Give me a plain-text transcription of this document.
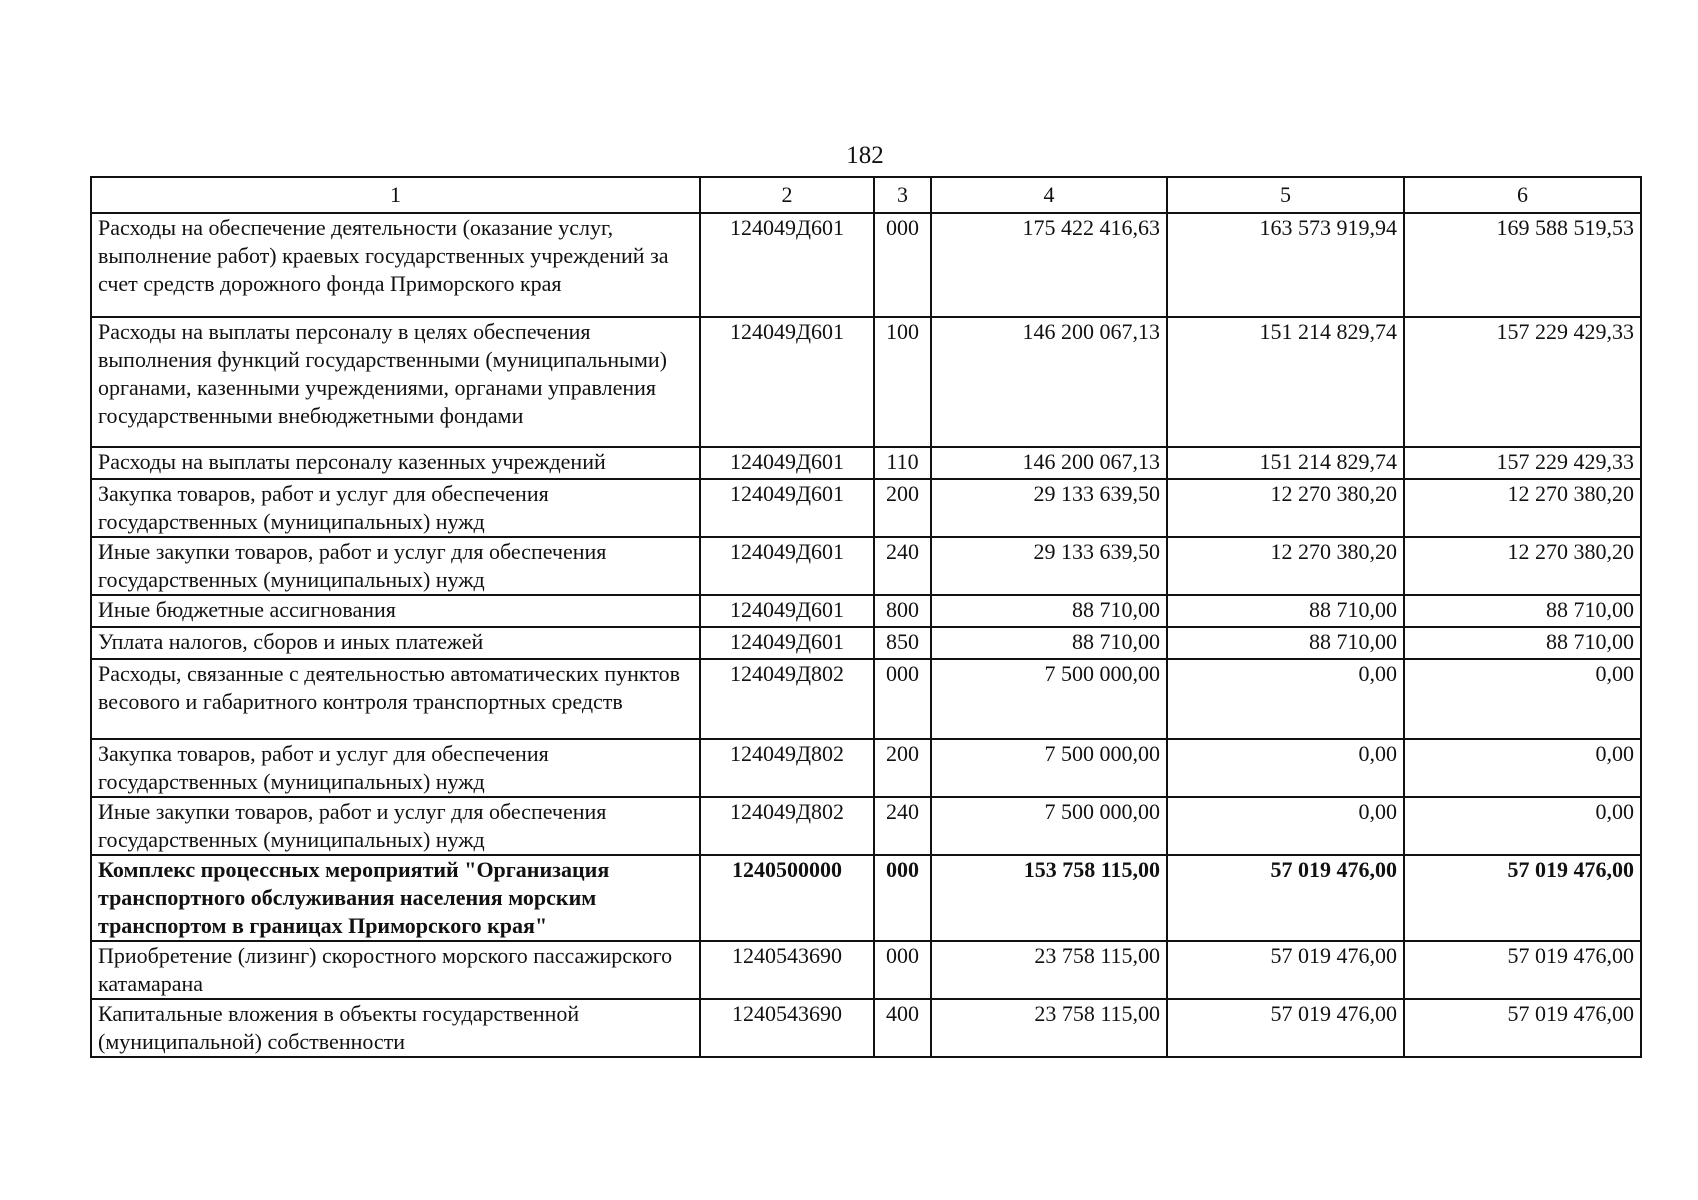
182
1	2	3	4	5	6
Расходы на обеспечение деятельности (оказание услуг, выполнение работ) краевых государственных учреждений за счет средств дорожного фонда Приморского края	124049Д601	000	175 422 416,63	163 573 919,94	169 588 519,53
Расходы на выплаты персоналу в целях обеспечения выполнения функций государственными (муниципальными) органами, казенными учреждениями, органами управления государственными внебюджетными фондами	124049Д601	100	146 200 067,13	151 214 829,74	157 229 429,33
Расходы на выплаты персоналу казенных учреждений	124049Д601	110	146 200 067,13	151 214 829,74	157 229 429,33
Закупка товаров, работ и услуг для обеспечения государственных (муниципальных) нужд	124049Д601	200	29 133 639,50	12 270 380,20	12 270 380,20
Иные закупки товаров, работ и услуг для обеспечения государственных (муниципальных) нужд	124049Д601	240	29 133 639,50	12 270 380,20	12 270 380,20
Иные бюджетные ассигнования	124049Д601	800	88 710,00	88 710,00	88 710,00
Уплата налогов, сборов и иных платежей	124049Д601	850	88 710,00	88 710,00	88 710,00
Расходы, связанные с деятельностью автоматических пунктов весового и габаритного контроля транспортных средств	124049Д802	000	7 500 000,00	0,00	0,00
Закупка товаров, работ и услуг для обеспечения государственных (муниципальных) нужд	124049Д802	200	7 500 000,00	0,00	0,00
Иные закупки товаров, работ и услуг для обеспечения государственных (муниципальных) нужд	124049Д802	240	7 500 000,00	0,00	0,00
Комплекс процессных мероприятий "Организация транспортного обслуживания населения морским транспортом в границах Приморского края"	1240500000	000	153 758 115,00	57 019 476,00	57 019 476,00
Приобретение (лизинг) скоростного морского пассажирского катамарана	1240543690	000	23 758 115,00	57 019 476,00	57 019 476,00
Капитальные вложения в объекты государственной (муниципальной) собственности	1240543690	400	23 758 115,00	57 019 476,00	57 019 476,00
